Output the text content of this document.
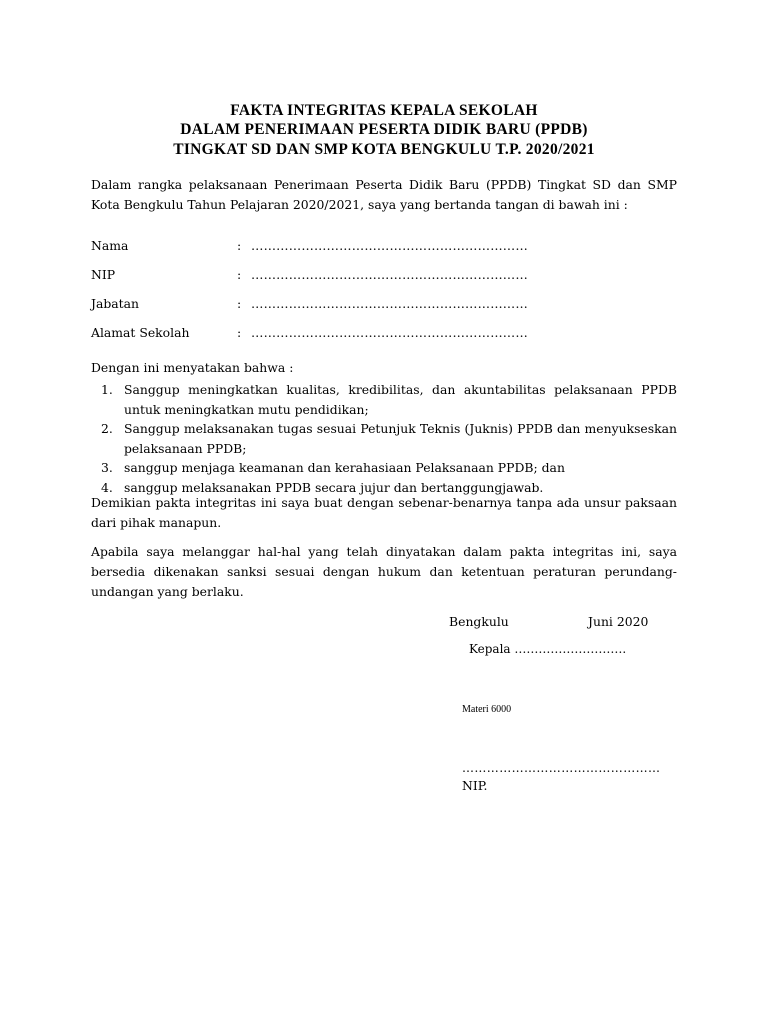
FAKTA INTEGRITAS KEPALA SEKOLAH
DALAM PENERIMAAN PESERTA DIDIK BARU (PPDB)
TINGKAT SD DAN SMP KOTA BENGKULU T.P. 2020/2021
Dalam rangka pelaksanaan Penerimaan Peserta Didik Baru (PPDB) Tingkat SD dan SMP Kota Bengkulu Tahun Pelajaran 2020/2021, saya yang bertanda tangan di bawah ini :
Nama	: …………………………………………………………
NIP	: …………………………………………………………
Jabatan	: …………………………………………………………
Alamat Sekolah	: …………………………………………………………
Dengan ini menyatakan bahwa :
1. Sanggup meningkatkan kualitas, kredibilitas, dan akuntabilitas pelaksanaan PPDB untuk meningkatkan mutu pendidikan;
2. Sanggup melaksanakan tugas sesuai Petunjuk Teknis (Juknis) PPDB dan menyukseskan pelaksanaan PPDB;
3. sanggup menjaga keamanan dan kerahasiaan Pelaksanaan PPDB; dan
4. sanggup melaksanakan PPDB secara jujur dan bertanggungjawab.
Demikian pakta integritas ini saya buat dengan sebenar-benarnya tanpa ada unsur paksaan dari pihak manapun.
Apabila saya melanggar hal-hal yang telah dinyatakan dalam pakta integritas ini, saya bersedia dikenakan sanksi sesuai dengan hukum dan ketentuan peraturan perundang-undangan yang berlaku.
Bengkulu	Juni 2020
Kepala ……………………….
Materi 6000
…………………………………………
NIP.
